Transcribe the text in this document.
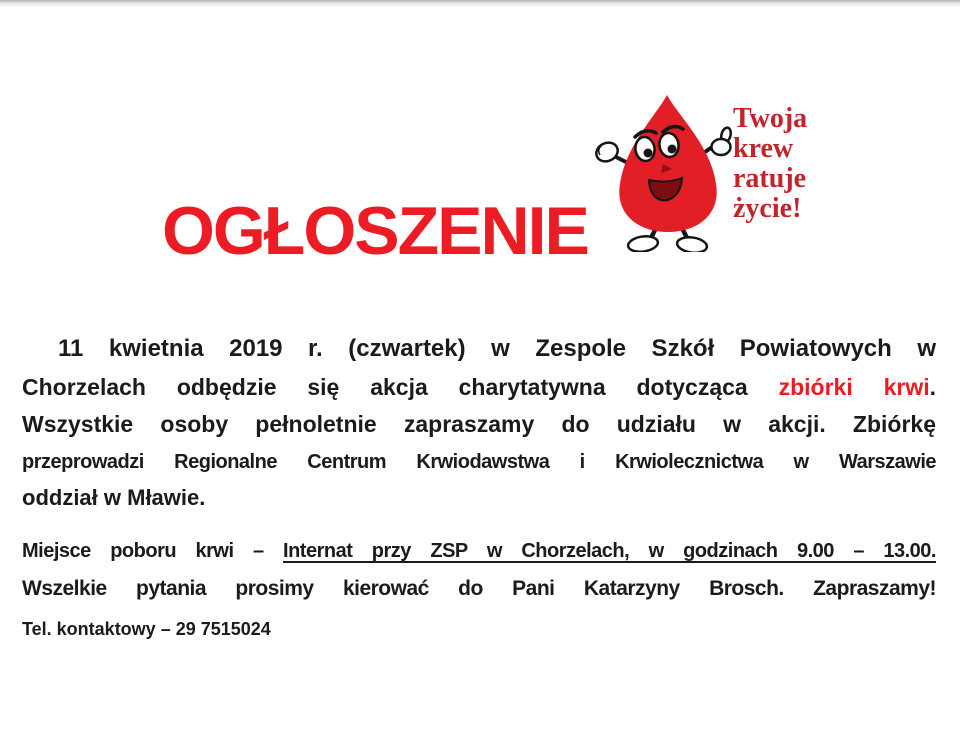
OGŁOSZENIE
Twoja
krew
ratuje
życie!
11 kwietnia 2019 r. (czwartek) w Zespole Szkół Powiatowych w
Chorzelach odbędzie się akcja charytatywna dotycząca zbiórki krwi.
Wszystkie osoby pełnoletnie zapraszamy do udziału w akcji. Zbiórkę
przeprowadzi Regionalne Centrum Krwiodawstwa i Krwiolecznictwa w Warszawie
oddział w Mławie.
Miejsce poboru krwi – Internat przy ZSP w Chorzelach, w godzinach 9.00 – 13.00.
Wszelkie pytania prosimy kierować do Pani Katarzyny Brosch. Zapraszamy!
Tel. kontaktowy – 29 7515024
